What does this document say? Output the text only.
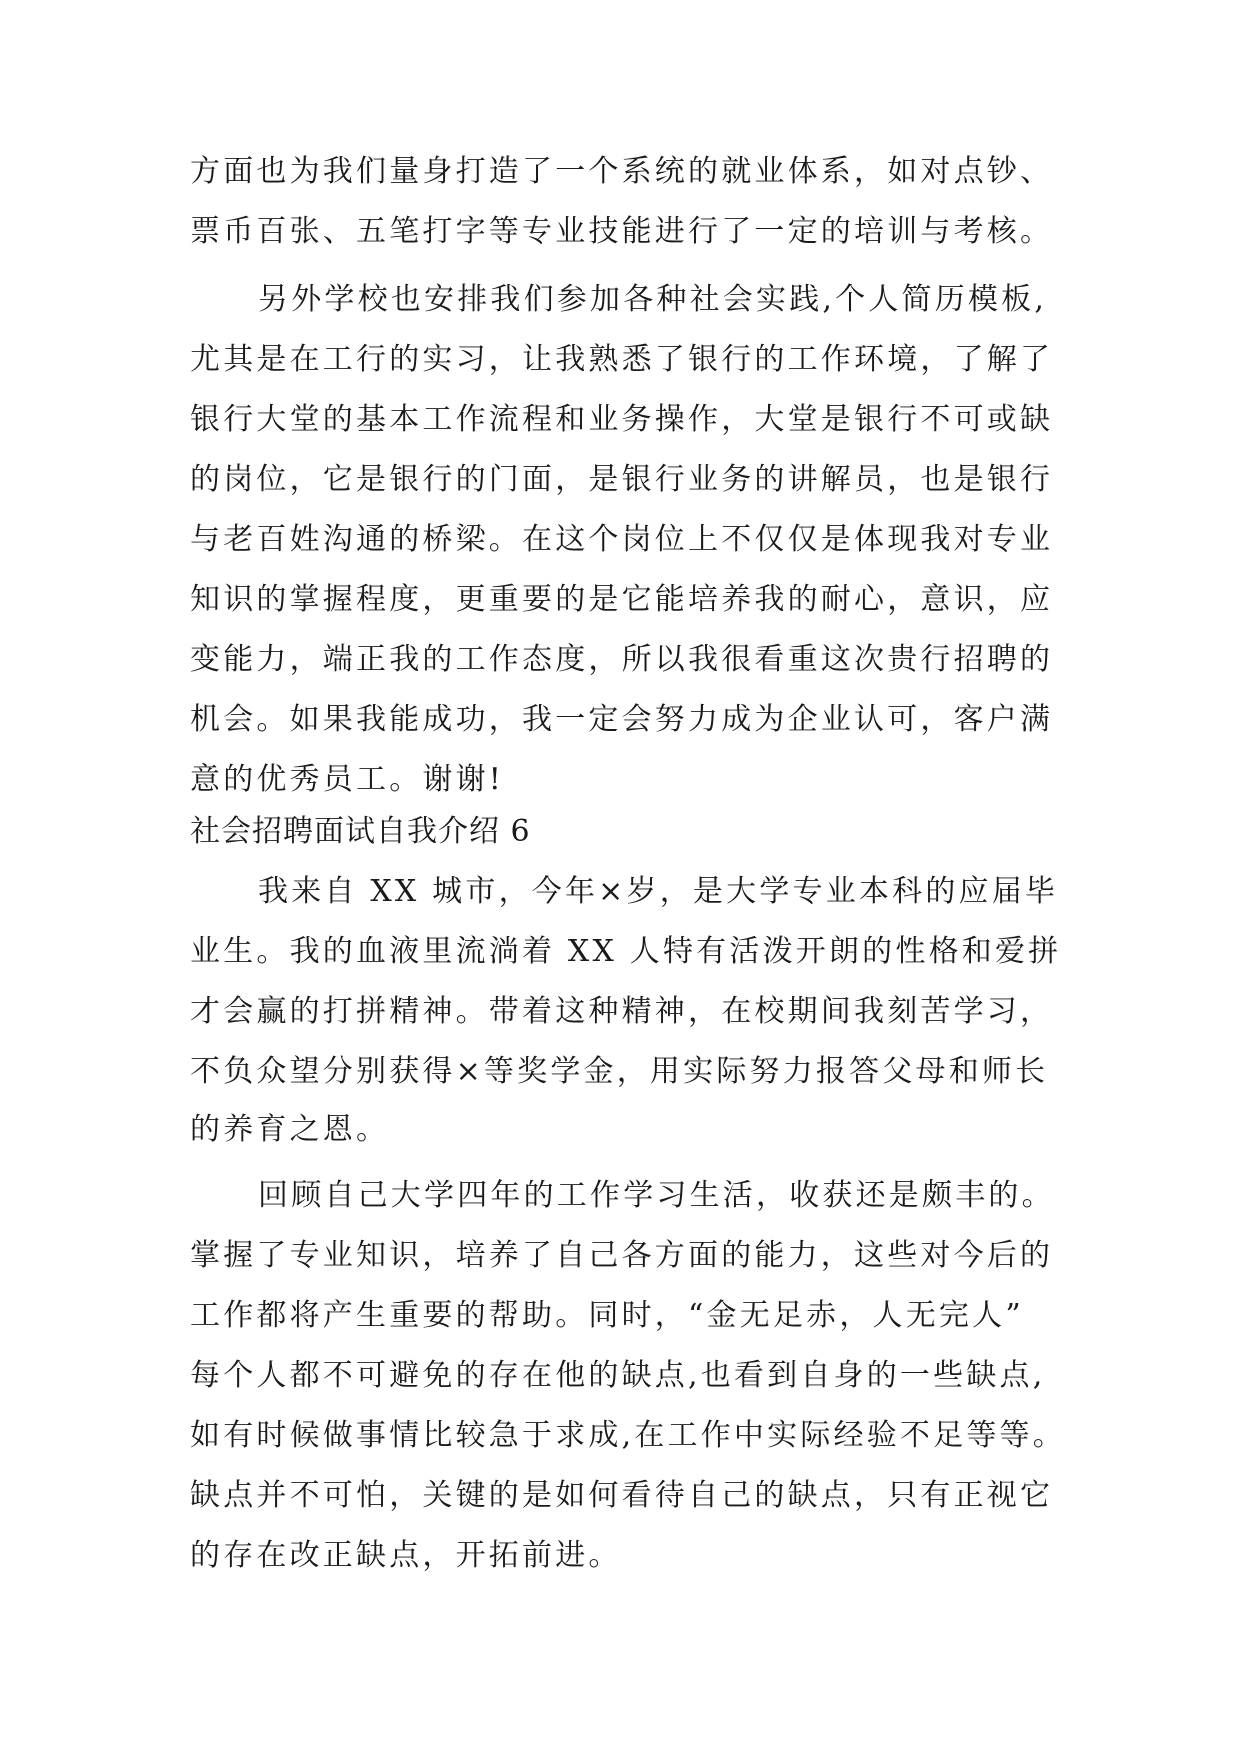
方面也为我们量身打造了一个系统的就业体系，如对点钞、
票币百张、五笔打字等专业技能进行了一定的培训与考核。
另外学校也安排我们参加各种社会实践,个人简历模板,
尤其是在工行的实习，让我熟悉了银行的工作环境，了解了
银行大堂的基本工作流程和业务操作，大堂是银行不可或缺
的岗位，它是银行的门面，是银行业务的讲解员，也是银行
与老百姓沟通的桥梁。在这个岗位上不仅仅是体现我对专业
知识的掌握程度，更重要的是它能培养我的耐心，意识，应
变能力，端正我的工作态度，所以我很看重这次贵行招聘的
机会。如果我能成功，我一定会努力成为企业认可，客户满
意的优秀员工。谢谢!
社会招聘面试自我介绍 6
我来自 XX 城市，今年×岁，是大学专业本科的应届毕
业生。我的血液里流淌着 XX 人特有活泼开朗的性格和爱拼
才会赢的打拼精神。带着这种精神，在校期间我刻苦学习，
不负众望分别获得×等奖学金，用实际努力报答父母和师长
的养育之恩。
回顾自己大学四年的工作学习生活，收获还是颇丰的。
掌握了专业知识，培养了自己各方面的能力，这些对今后的
工作都将产生重要的帮助。同时，“金无足赤，人无完人”
每个人都不可避免的存在他的缺点,也看到自身的一些缺点,
如有时候做事情比较急于求成,在工作中实际经验不足等等。
缺点并不可怕，关键的是如何看待自己的缺点，只有正视它
的存在改正缺点，开拓前进。
